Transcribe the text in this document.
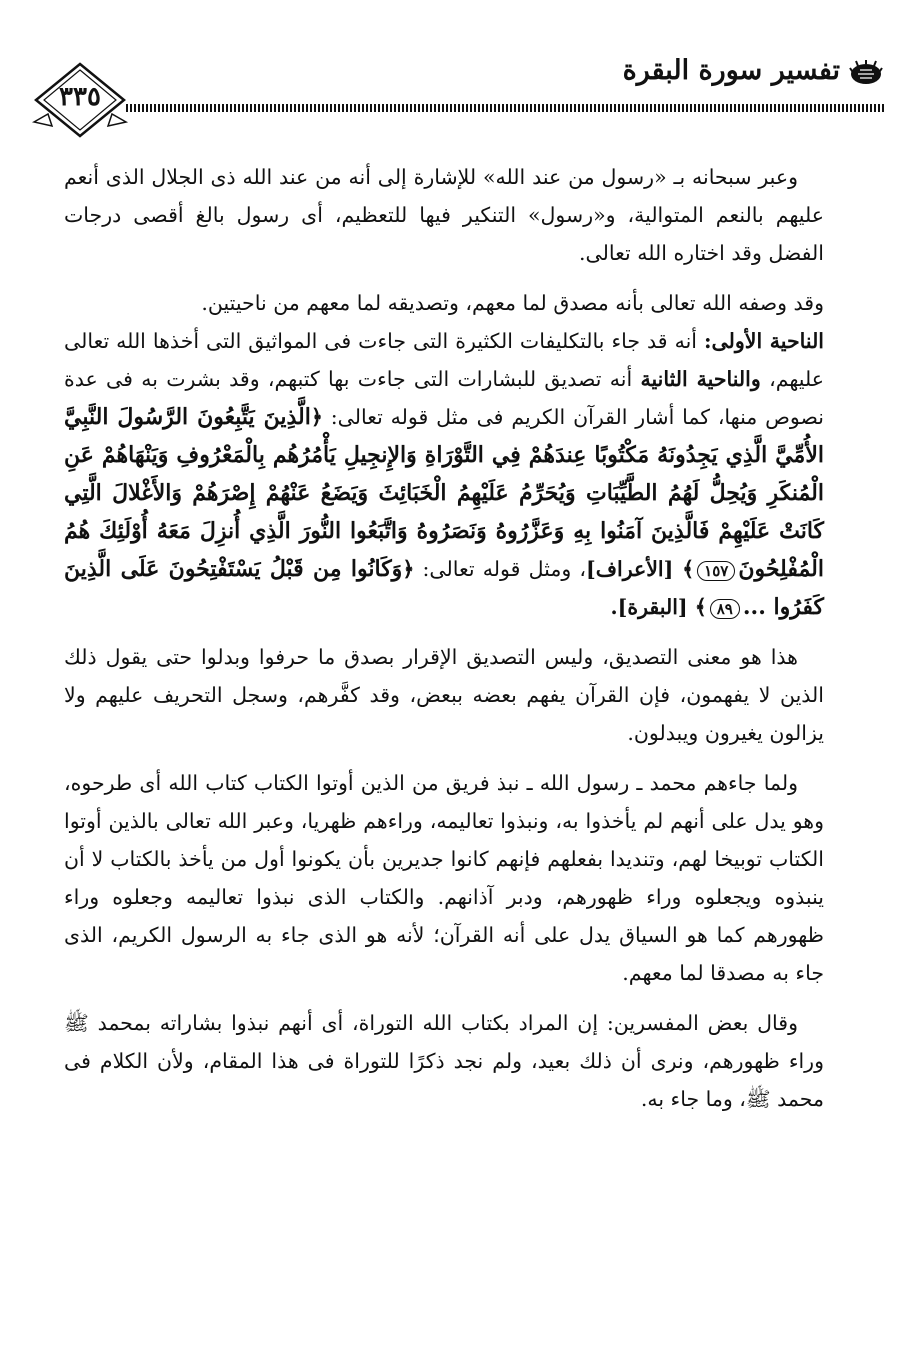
٣٣٥
تفسير سورة البقرة

وعبر سبحانه بـ «رسول من عند الله» للإشارة إلى أنه من عند الله ذى الجلال الذى أنعم عليهم بالنعم المتوالية، و«رسول» التنكير فيها للتعظيم، أى رسول بالغ أقصى درجات الفضل وقد اختاره الله تعالى.

وقد وصفه الله تعالى بأنه مصدق لما معهم، وتصديقه لما معهم من ناحيتين.

الناحية الأولى: أنه قد جاء بالتكليفات الكثيرة التى جاءت فى المواثيق التى أخذها الله تعالى عليهم، والناحية الثانية أنه تصديق للبشارات التى جاءت بها كتبهم، وقد بشرت به فى عدة نصوص منها، كما أشار القرآن الكريم فى مثل قوله تعالى: ﴿الَّذِينَ يَتَّبِعُونَ الرَّسُولَ النَّبِيَّ الأُمِّيَّ الَّذِي يَجِدُونَهُ مَكْتُوبًا عِندَهُمْ فِي التَّوْرَاةِ وَالإِنجِيلِ يَأْمُرُهُم بِالْمَعْرُوفِ وَيَنْهَاهُمْ عَنِ الْمُنكَرِ وَيُحِلُّ لَهُمُ الطَّيِّبَاتِ وَيُحَرِّمُ عَلَيْهِمُ الْخَبَائِثَ وَيَضَعُ عَنْهُمْ إِصْرَهُمْ وَالأَغْلالَ الَّتِي كَانَتْ عَلَيْهِمْ فَالَّذِينَ آمَنُوا بِهِ وَعَزَّرُوهُ وَنَصَرُوهُ وَاتَّبَعُوا النُّورَ الَّذِي أُنزِلَ مَعَهُ أُوْلَئِكَ هُمُ الْمُفْلِحُونَ١٥٧﴾ [الأعراف]، ومثل قوله تعالى: ﴿وَكَانُوا مِن قَبْلُ يَسْتَفْتِحُونَ عَلَى الَّذِينَ كَفَرُوا ...٨٩﴾ [البقرة].

هذا هو معنى التصديق، وليس التصديق الإقرار بصدق ما حرفوا وبدلوا حتى يقول ذلك الذين لا يفهمون، فإن القرآن يفهم بعضه ببعض، وقد كفَّرهم، وسجل التحريف عليهم ولا يزالون يغيرون ويبدلون.

ولما جاءهم محمد ـ رسول الله ـ نبذ فريق من الذين أوتوا الكتاب كتاب الله أى طرحوه، وهو يدل على أنهم لم يأخذوا به، ونبذوا تعاليمه، وراءهم ظهريا، وعبر الله تعالى بالذين أوتوا الكتاب توبيخا لهم، وتنديدا بفعلهم فإنهم كانوا جديرين بأن يكونوا أول من يأخذ بالكتاب لا أن ينبذوه ويجعلوه وراء ظهورهم، ودبر آذانهم. والكتاب الذى نبذوا تعاليمه وجعلوه وراء ظهورهم كما هو السياق يدل على أنه القرآن؛ لأنه هو الذى جاء به الرسول الكريم، الذى جاء به مصدقا لما معهم.

وقال بعض المفسرين: إن المراد بكتاب الله التوراة، أى أنهم نبذوا بشاراته بمحمد ﷺ وراء ظهورهم، ونرى أن ذلك بعيد، ولم نجد ذكرًا للتوراة فى هذا المقام، ولأن الكلام فى محمد ﷺ، وما جاء به.
